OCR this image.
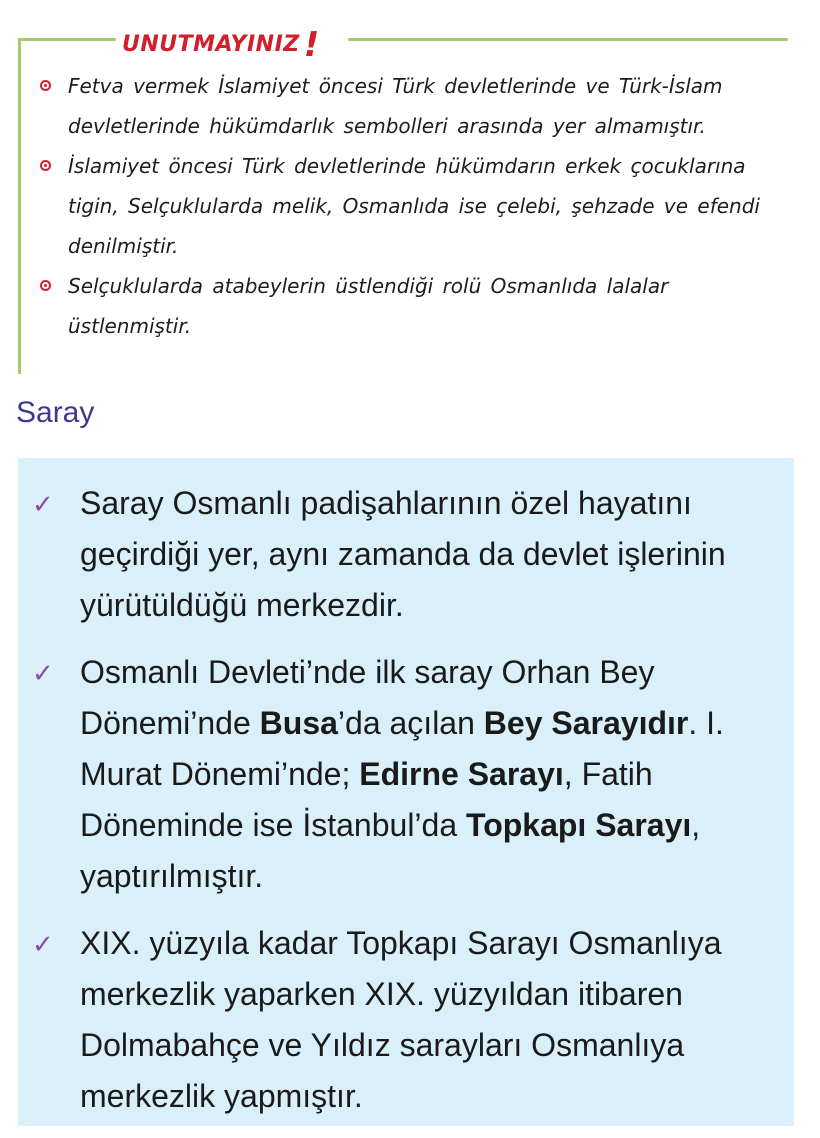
UNUTMAYINIZ !
Fetva vermek İslamiyet öncesi Türk devletlerinde ve Türk-İslam devletlerinde hükümdarlık sembolleri arasında yer almamıştır.
İslamiyet öncesi Türk devletlerinde hükümdarın erkek çocuklarına tigin, Selçuklularda melik, Osmanlıda ise çelebi, şehzade ve efendi denilmiştir.
Selçuklularda atabeylerin üstlendiği rolü Osmanlıda lalalar üstlenmiştir.
Saray
✓ Saray Osmanlı padişahlarının özel hayatını geçirdiği yer, aynı zamanda da devlet işlerinin yürütüldüğü merkezdir.
✓ Osmanlı Devleti’nde ilk saray Orhan Bey Dönemi’nde Busa’da açılan Bey Sarayıdır. I. Murat Dönemi’nde; Edirne Sarayı, Fatih Döneminde ise İstanbul’da Topkapı Sarayı, yaptırılmıştır.
✓ XIX. yüzyıla kadar Topkapı Sarayı Osmanlıya merkezlik yaparken XIX. yüzyıldan itibaren Dolmabahçe ve Yıldız sarayları Osmanlıya merkezlik yapmıştır.
